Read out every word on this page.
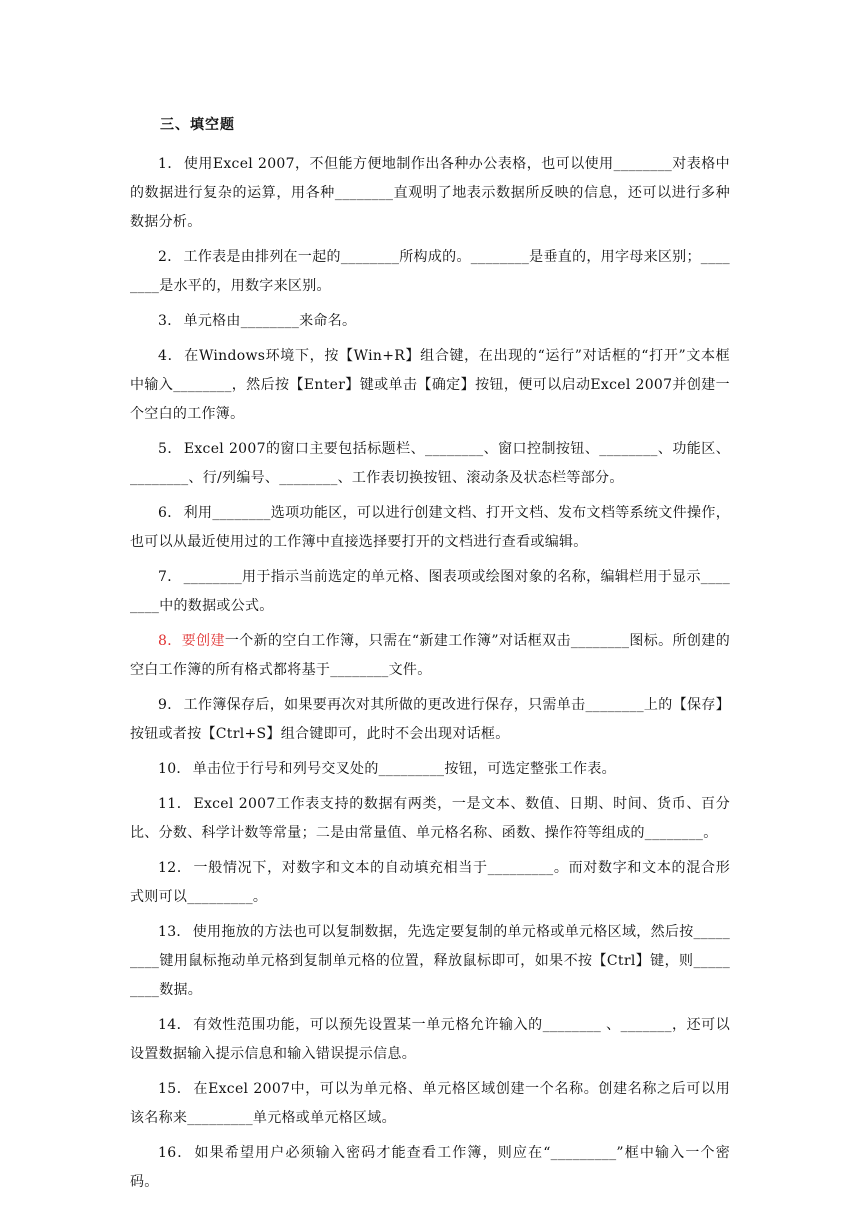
三、填空题

1． 使用Excel 2007，不但能方便地制作出各种办公表格，也可以使用________对表格中的数据进行复杂的运算，用各种________直观明了地表示数据所反映的信息，还可以进行多种数据分析。

2． 工作表是由排列在一起的________所构成的。________是垂直的，用字母来区别；________是水平的，用数字来区别。

3． 单元格由________来命名。

4． 在Windows环境下，按【Win+R】组合键，在出现的“运行”对话框的“打开”文本框中输入________，然后按【Enter】键或单击【确定】按钮，便可以启动Excel 2007并创建一个空白的工作簿。

5． Excel 2007的窗口主要包括标题栏、________、窗口控制按钮、________、功能区、________、行/列编号、________、工作表切换按钮、滚动条及状态栏等部分。

6． 利用________选项功能区，可以进行创建文档、打开文档、发布文档等系统文件操作，也可以从最近使用过的工作簿中直接选择要打开的文档进行查看或编辑。

7． ________用于指示当前选定的单元格、图表项或绘图对象的名称，编辑栏用于显示________中的数据或公式。

8．要创建一个新的空白工作簿，只需在“新建工作簿”对话框双击________图标。所创建的空白工作簿的所有格式都将基于________文件。

9． 工作簿保存后，如果要再次对其所做的更改进行保存，只需单击________上的【保存】按钮或者按【Ctrl+S】组合键即可，此时不会出现对话框。

10． 单击位于行号和列号交叉处的_________按钮，可选定整张工作表。

11． Excel 2007工作表支持的数据有两类，一是文本、数值、日期、时间、货币、百分比、分数、科学计数等常量；二是由常量值、单元格名称、函数、操作符等组成的________。

12． 一般情况下，对数字和文本的自动填充相当于_________。而对数字和文本的混合形式则可以_________。

13． 使用拖放的方法也可以复制数据，先选定要复制的单元格或单元格区域，然后按_________键用鼠标拖动单元格到复制单元格的位置，释放鼠标即可，如果不按【Ctrl】键，则_________数据。

14． 有效性范围功能，可以预先设置某一单元格允许输入的________ 、_______，还可以设置数据输入提示信息和输入错误提示信息。

15． 在Excel 2007中，可以为单元格、单元格区域创建一个名称。创建名称之后可以用该名称来_________单元格或单元格区域。

16． 如果希望用户必须输入密码才能查看工作簿，则应在“_________”框中输入一个密码。
